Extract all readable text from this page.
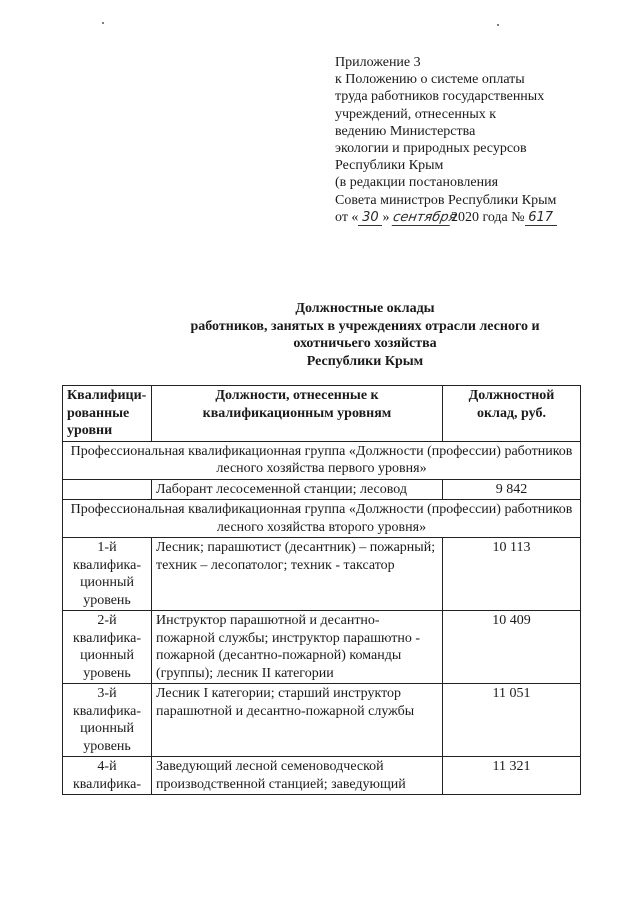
Приложение 3
к Положению о системе оплаты
труда работников государственных
учреждений, отнесенных к
ведению Министерства
экологии и природных ресурсов
Республики Крым
(в редакции постановления
Совета министров Республики Крым
от « 30 » сентября2020 года № 617
Должностные оклады
работников, занятых в учреждениях отрасли лесного и
охотничьего хозяйства
Республики Крым
Квалифици-рованные уровни	Должности, отнесенные к квалификационным уровням	Должностной оклад, руб.
Профессиональная квалификационная группа «Должности (профессии) работников лесного хозяйства первого уровня»		
	Лаборант лесосеменной станции; лесовод	9 842
Профессиональная квалификационная группа «Должности (профессии) работников лесного хозяйства второго уровня»		
1-й квалифика-ционный уровень	Лесник; парашютист (десантник) – пожарный; техник – лесопатолог; техник - таксатор	10 113
2-й квалифика-ционный уровень	Инструктор парашютной и десантно-пожарной службы; инструктор парашютно - пожарной (десантно-пожарной) команды (группы); лесник II категории	10 409
3-й квалифика-ционный уровень	Лесник I категории; старший инструктор парашютной и десантно-пожарной службы	11 051
4-й квалифика-	Заведующий лесной семеноводческой производственной станцией; заведующий	11 321
